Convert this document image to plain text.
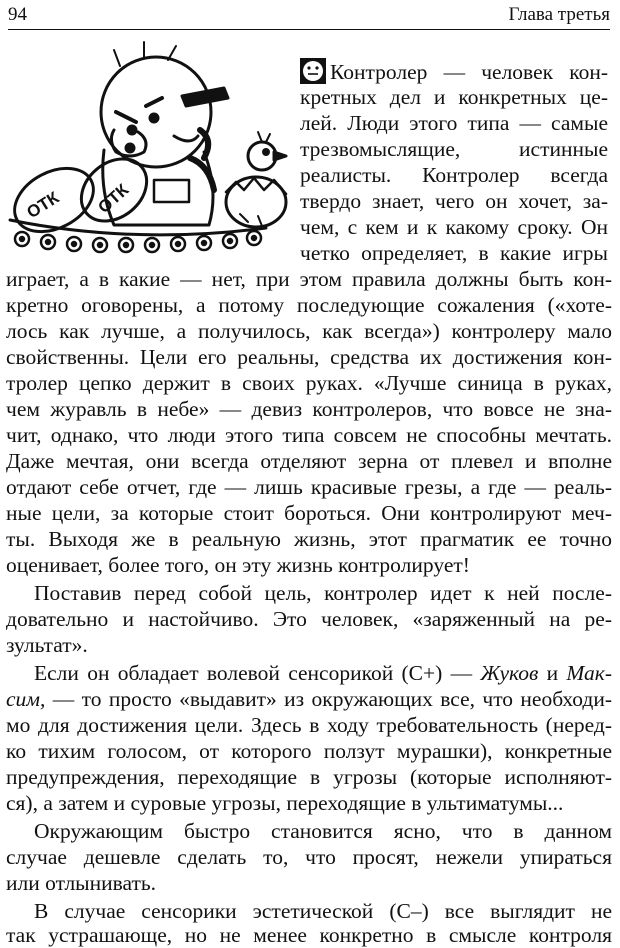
94	Глава третья
ОТК ОТК
Контролер — человек кон-
кретных дел и конкретных це-
лей. Люди этого типа — самые
трезвомыслящие, истинные
реалисты. Контролер всегда
твердо знает, чего он хочет, за-
чем, с кем и к какому сроку. Он
четко определяет, в какие игры
играет, а в какие — нет, при этом правила должны быть кон-
кретно оговорены, а потому последующие сожаления («хоте-
лось как лучше, а получилось, как всегда») контролеру мало
свойственны. Цели его реальны, средства их достижения кон-
тролер цепко держит в своих руках. «Лучше синица в руках,
чем журавль в небе» — девиз контролеров, что вовсе не зна-
чит, однако, что люди этого типа совсем не способны мечтать.
Даже мечтая, они всегда отделяют зерна от плевел и вполне
отдают себе отчет, где — лишь красивые грезы, а где — реаль-
ные цели, за которые стоит бороться. Они контролируют меч-
ты. Выходя же в реальную жизнь, этот прагматик ее точно
оценивает, более того, он эту жизнь контролирует!
Поставив перед собой цель, контролер идет к ней после-
довательно и настойчиво. Это человек, «заряженный на ре-
зультат».
Если он обладает волевой сенсорикой (С+) — Жуков и Мак-
сим, — то просто «выдавит» из окружающих все, что необходи-
мо для достижения цели. Здесь в ходу требовательность (неред-
ко тихим голосом, от которого ползут мурашки), конкретные
предупреждения, переходящие в угрозы (которые исполняют-
ся), а затем и суровые угрозы, переходящие в ультиматумы...
Окружающим быстро становится ясно, что в данном
случае дешевле сделать то, что просят, нежели упираться
или отлынивать.
В случае сенсорики эстетической (С–) все выглядит не
так устрашающе, но не менее конкретно в смысле контроля
